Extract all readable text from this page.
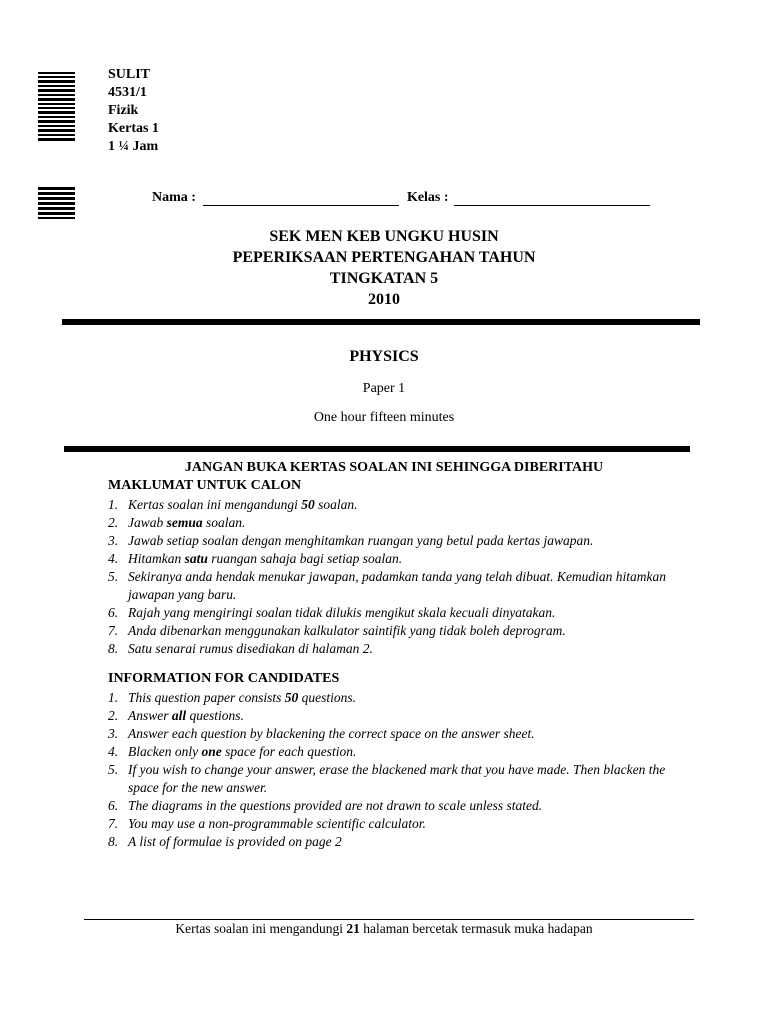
SULIT
4531/1
Fizik
Kertas 1
1 ¼ Jam
Nama :	Kelas :
SEK MEN KEB UNGKU HUSIN
PEPERIKSAAN PERTENGAHAN TAHUN
TINGKATAN 5
2010
PHYSICS
Paper 1
One hour fifteen minutes
JANGAN BUKA KERTAS SOALAN INI SEHINGGA DIBERITAHU
MAKLUMAT UNTUK CALON
1. Kertas soalan ini mengandungi 50 soalan.
2. Jawab semua soalan.
3. Jawab setiap soalan dengan menghitamkan ruangan yang betul pada kertas jawapan.
4. Hitamkan satu ruangan sahaja bagi setiap soalan.
5. Sekiranya anda hendak menukar jawapan, padamkan tanda yang telah dibuat. Kemudian hitamkan jawapan yang baru.
6. Rajah yang mengiringi soalan tidak dilukis mengikut skala kecuali dinyatakan.
7. Anda dibenarkan menggunakan kalkulator saintifik yang tidak boleh deprogram.
8. Satu senarai rumus disediakan di halaman 2.
INFORMATION FOR CANDIDATES
1. This question paper consists 50 questions.
2. Answer all questions.
3. Answer each question by blackening the correct space on the answer sheet.
4. Blacken only one space for each question.
5. If you wish to change your answer, erase the blackened mark that you have made. Then blacken the space for the new answer.
6. The diagrams in the questions provided are not drawn to scale unless stated.
7. You may use a non-programmable scientific calculator.
8. A list of formulae is provided on page 2
Kertas soalan ini mengandungi 21 halaman bercetak termasuk muka hadapan
